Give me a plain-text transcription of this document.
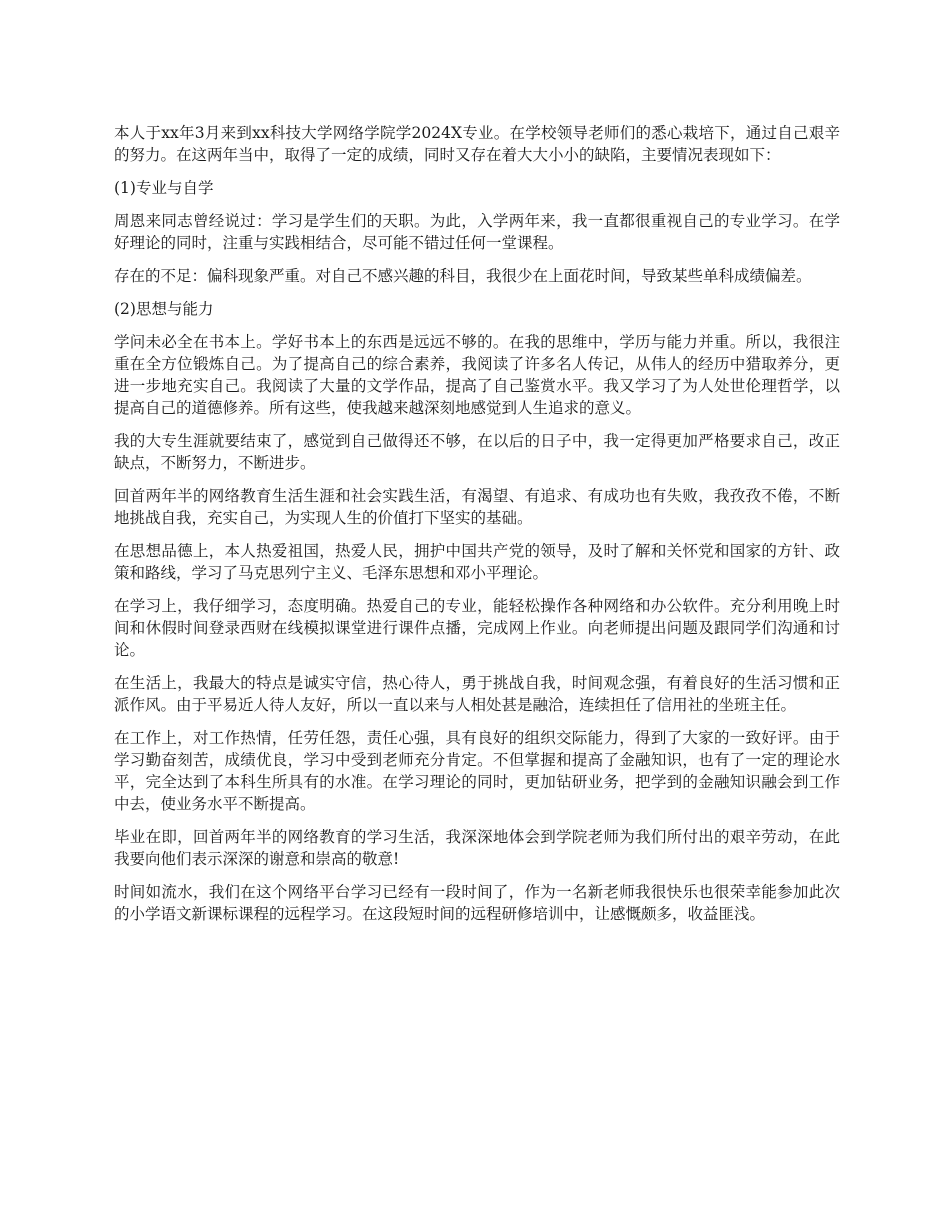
本人于xx年3月来到xx科技大学网络学院学2024X专业。在学校领导老师们的悉心栽培下，通过自己艰辛的努力。在这两年当中，取得了一定的成绩，同时又存在着大大小小的缺陷，主要情况表现如下：

(1)专业与自学

周恩来同志曾经说过：学习是学生们的天职。为此，入学两年来，我一直都很重视自己的专业学习。在学好理论的同时，注重与实践相结合，尽可能不错过任何一堂课程。

存在的不足：偏科现象严重。对自己不感兴趣的科目，我很少在上面花时间，导致某些单科成绩偏差。

(2)思想与能力

学问未必全在书本上。学好书本上的东西是远远不够的。在我的思维中，学历与能力并重。所以，我很注重在全方位锻炼自己。为了提高自己的综合素养，我阅读了许多名人传记，从伟人的经历中猎取养分，更进一步地充实自己。我阅读了大量的文学作品，提高了自己鉴赏水平。我又学习了为人处世伦理哲学，以提高自己的道德修养。所有这些，使我越来越深刻地感觉到人生追求的意义。

我的大专生涯就要结束了，感觉到自己做得还不够，在以后的日子中，我一定得更加严格要求自己，改正缺点，不断努力，不断进步。

回首两年半的网络教育生活生涯和社会实践生活，有渴望、有追求、有成功也有失败，我孜孜不倦，不断地挑战自我，充实自己，为实现人生的价值打下坚实的基础。

在思想品德上，本人热爱祖国，热爱人民，拥护中国共产党的领导，及时了解和关怀党和国家的方针、政策和路线，学习了马克思列宁主义、毛泽东思想和邓小平理论。

在学习上，我仔细学习，态度明确。热爱自己的专业，能轻松操作各种网络和办公软件。充分利用晚上时间和休假时间登录西财在线模拟课堂进行课件点播，完成网上作业。向老师提出问题及跟同学们沟通和讨论。

在生活上，我最大的特点是诚实守信，热心待人，勇于挑战自我，时间观念强，有着良好的生活习惯和正派作风。由于平易近人待人友好，所以一直以来与人相处甚是融洽，连续担任了信用社的坐班主任。

在工作上，对工作热情，任劳任怨，责任心强，具有良好的组织交际能力，得到了大家的一致好评。由于学习勤奋刻苦，成绩优良，学习中受到老师充分肯定。不但掌握和提高了金融知识，也有了一定的理论水平，完全达到了本科生所具有的水准。在学习理论的同时，更加钻研业务，把学到的金融知识融会到工作中去，使业务水平不断提高。

毕业在即，回首两年半的网络教育的学习生活，我深深地体会到学院老师为我们所付出的艰辛劳动，在此我要向他们表示深深的谢意和崇高的敬意!

时间如流水，我们在这个网络平台学习已经有一段时间了，作为一名新老师我很快乐也很荣幸能参加此次的小学语文新课标课程的远程学习。在这段短时间的远程研修培训中，让感慨颇多，收益匪浅。
